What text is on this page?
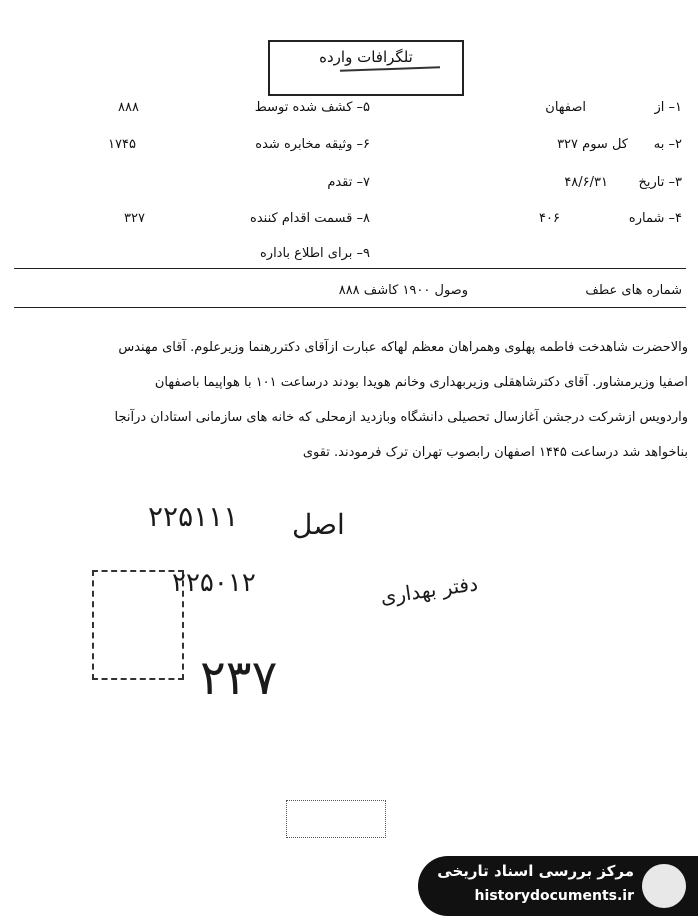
تلگرافات وارده
۱– از
اصفهان
۲– به
کل سوم ۳۲۷
۳– تاریخ
۴۸/۶/۳۱
۴– شماره
۴۰۶
۵– کشف شده توسط
۸۸۸
۶– وثیقه مخابره شده
۱۷۴۵
۷– تقدم
۸– قسمت اقدام کننده
۳۲۷
۹– برای اطلاع باداره
شماره های عطف
وصول ۱۹۰۰ کاشف ۸۸۸

والاحضرت شاهدخت فاطمه پهلوی وهمراهان معظم لهاکه عبارت ازآقای دکتررهنما وزیرعلوم. آقای مهندس

اصفیا وزیرمشاور. آقای دکترشاهقلی وزیربهداری وخانم هویدا بودند درساعت ۱۰۱ با هواپیما باصفهان

واردویس ازشرکت درجشن آغازسال تحصیلی دانشگاه وبازدید ازمحلی که خانه های سازمانی استادان درآنجا

بناخواهد شد درساعت ۱۴۴۵ اصفهان رابصوب تهران ترک فرمودند. تقوی

۲۲۵۱۱۱ اصل
۲۲۵۰۱۲	دفتر بهداری
۲۳۷
مرکز بررسی اسناد تاریخی
historydocuments.ir
